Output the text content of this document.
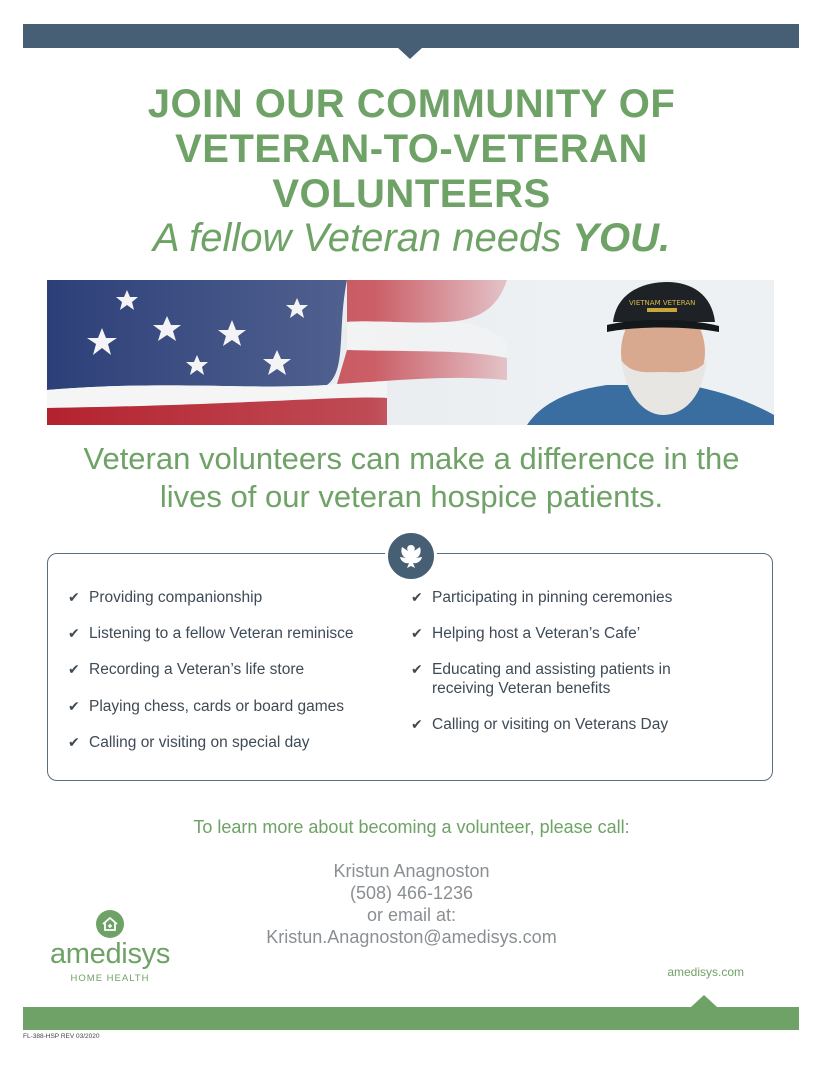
JOIN OUR COMMUNITY OF
VETERAN-TO-VETERAN
VOLUNTEERS
A fellow Veteran needs YOU.
VIETNAM VETERAN
Veteran volunteers can make a difference in the
lives of our veteran hospice patients.
✔ Providing companionship
✔ Listening to a fellow Veteran reminisce
✔ Recording a Veteran’s life store
✔ Playing chess, cards or board games
✔ Calling or visiting on special day
✔ Participating in pinning ceremonies
✔ Helping host a Veteran’s Cafe’
✔ Educating and assisting patients in receiving Veteran benefits
✔ Calling or visiting on Veterans Day
To learn more about becoming a volunteer, please call:
Kristun Anagnoston
(508) 466-1236
or email at:
Kristun.Anagnoston@amedisys.com
amedisys
HOME HEALTH	amedisys.com
FL-388-HSP REV 03/2020
